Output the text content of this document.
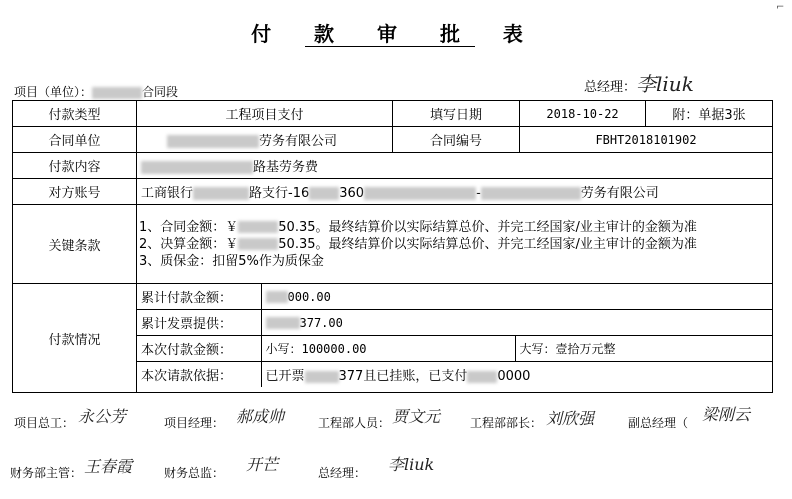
付 款 审 批 表
⌐
项目（单位）：	合同段	总经理：李liuk
付款类型	工程项目支付	填写日期	2018-10-22	附：单据3张
合同单位	劳务有限公司	合同编号	FBHT2018101902
付款内容	路基劳务费
对方账号	工商银行	路支行-16 360	-	劳务有限公司
关键条款	
1、合同金额：￥	50.35。最终结算价以实际结算总价、并完工经国家/业主审计的金额为准
2、决算金额：￥	50.35。最终结算价以实际结算总价、并完工经国家/业主审计的金额为准
3、质保金：扣留5%作为质保金

付款情况	
累计付款金额：	000.00
累计发票提供：	377.00
本次付款金额：	小写：100000.00	大写：壹拾万元整
本次请款依据：	已开票	377且已挂账，已支付 0000
项目总工： 永公芳	项目经理： 郝成帅	工程部人员： 贾文元 工程部部长： 刘欣强	副总经理（ 梁刚云
财务部主管： 王春霞	财务总监： 开芒	总经理： 李liuk
